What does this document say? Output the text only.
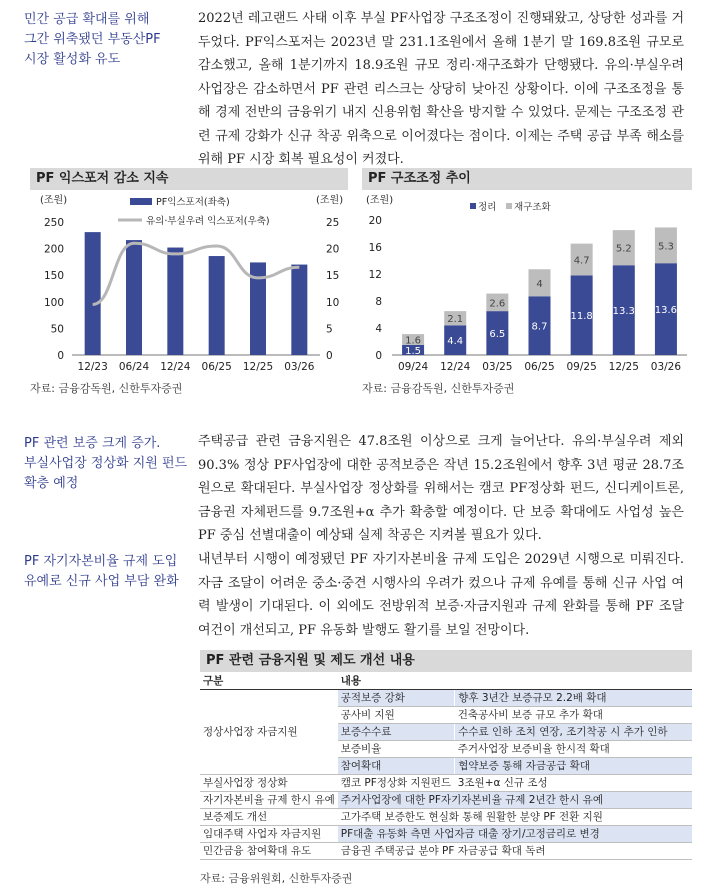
민간 공급 확대를 위해
그간 위축됐던 부동산PF
시장 활성화 유도

2022년 레고랜드 사태 이후 부실 PF사업장 구조조정이 진행돼왔고, 상당한 성과를 거두었다. PF익스포저는 2023년 말 231.1조원에서 올해 1분기 말 169.8조원 규모로 감소했고, 올해 1분기까지 18.9조원 규모 정리·재구조화가 단행됐다. 유의·부실우려 사업장은 감소하면서 PF 관련 리스크는 상당히 낮아진 상황이다. 이에 구조조정을 통해 경제 전반의 금융위기 내지 신용위험 확산을 방지할 수 있었다. 문제는 구조조정 관련 규제 강화가 신규 착공 위축으로 이어졌다는 점이다. 이제는 주택 공급 부족 해소를 위해 PF 시장 회복 필요성이 커졌다.

PF 익스포저 감소 지속
(조원)	(조원)
0
50
100
150
200
250
0
5
10
15
20
25
12/23 06/24 12/24 06/25 12/25 03/26
PF익스포저(좌축)
유의·부실우려 익스포저(우축)
자료: 금융감독원, 신한투자증권
PF 구조조정 추이
(조원)
0
4
8
12
16
20
1.5
1.6
09/24
4.4
2.1
12/24
6.5
2.6
03/25
8.7
4
06/25
11.8
4.7
09/25
13.3
5.2
12/25
13.6
5.3
03/26
정리 재구조화
자료: 금융감독원, 신한투자증권
PF 관련 보증 크게 증가.
부실사업장 정상화 지원 펀드
확충 예정

주택공급 관련 금융지원은 47.8조원 이상으로 크게 늘어난다. 유의·부실우려 제외 90.3% 정상 PF사업장에 대한 공적보증은 작년 15.2조원에서 향후 3년 평균 28.7조원으로 확대된다. 부실사업장 정상화를 위해서는 캠코 PF정상화 펀드, 신디케이트론, 금융권 자체펀드를 9.7조원+α 추가 확충할 예정이다. 단 보증 확대에도 사업성 높은 PF 중심 선별대출이 예상돼 실제 착공은 지켜볼 필요가 있다.

PF 자기자본비율 규제 도입
유예로 신규 사업 부담 완화

내년부터 시행이 예정됐던 PF 자기자본비율 규제 도입은 2029년 시행으로 미뤄진다. 자금 조달이 어려운 중소·중견 시행사의 우려가 컸으나 규제 유예를 통해 신규 사업 여력 발생이 기대된다. 이 외에도 전방위적 보증·자금지원과 규제 완화를 통해 PF 조달 여건이 개선되고, PF 유동화 발행도 활기를 보일 전망이다.

PF 관련 금융지원 및 제도 개선 내용
구분	내용	
정상사업장 자금지원	공적보증 강화	향후 3년간 보증규모 2.2배 확대
	공사비 지원	건축공사비 보증 규모 추가 확대
	보증수수료	수수료 인하 조치 연장, 조기착공 시 추가 인하
	보증비율	주거사업장 보증비율 한시적 확대
	참여확대	협약보증 통해 자금공급 확대
부실사업장 정상화	캠코 PF정상화 지원펀드	3조원+α 신규 조성
자기자본비율 규제 한시 유예	주거사업장에 대한 PF자기자본비율 규제 2년간 한시 유예	
보증제도 개선	고가주택 보증한도 현실화 통해 원활한 분양 PF 전환 지원	
임대주택 사업자 자금지원	PF대출 유동화 측면 사업자금 대출 장기/고정금리로 변경	
민간금융 참여확대 유도	금융권 주택공급 분야 PF 자금공급 확대 독려	
자료: 금융위원회, 신한투자증권
